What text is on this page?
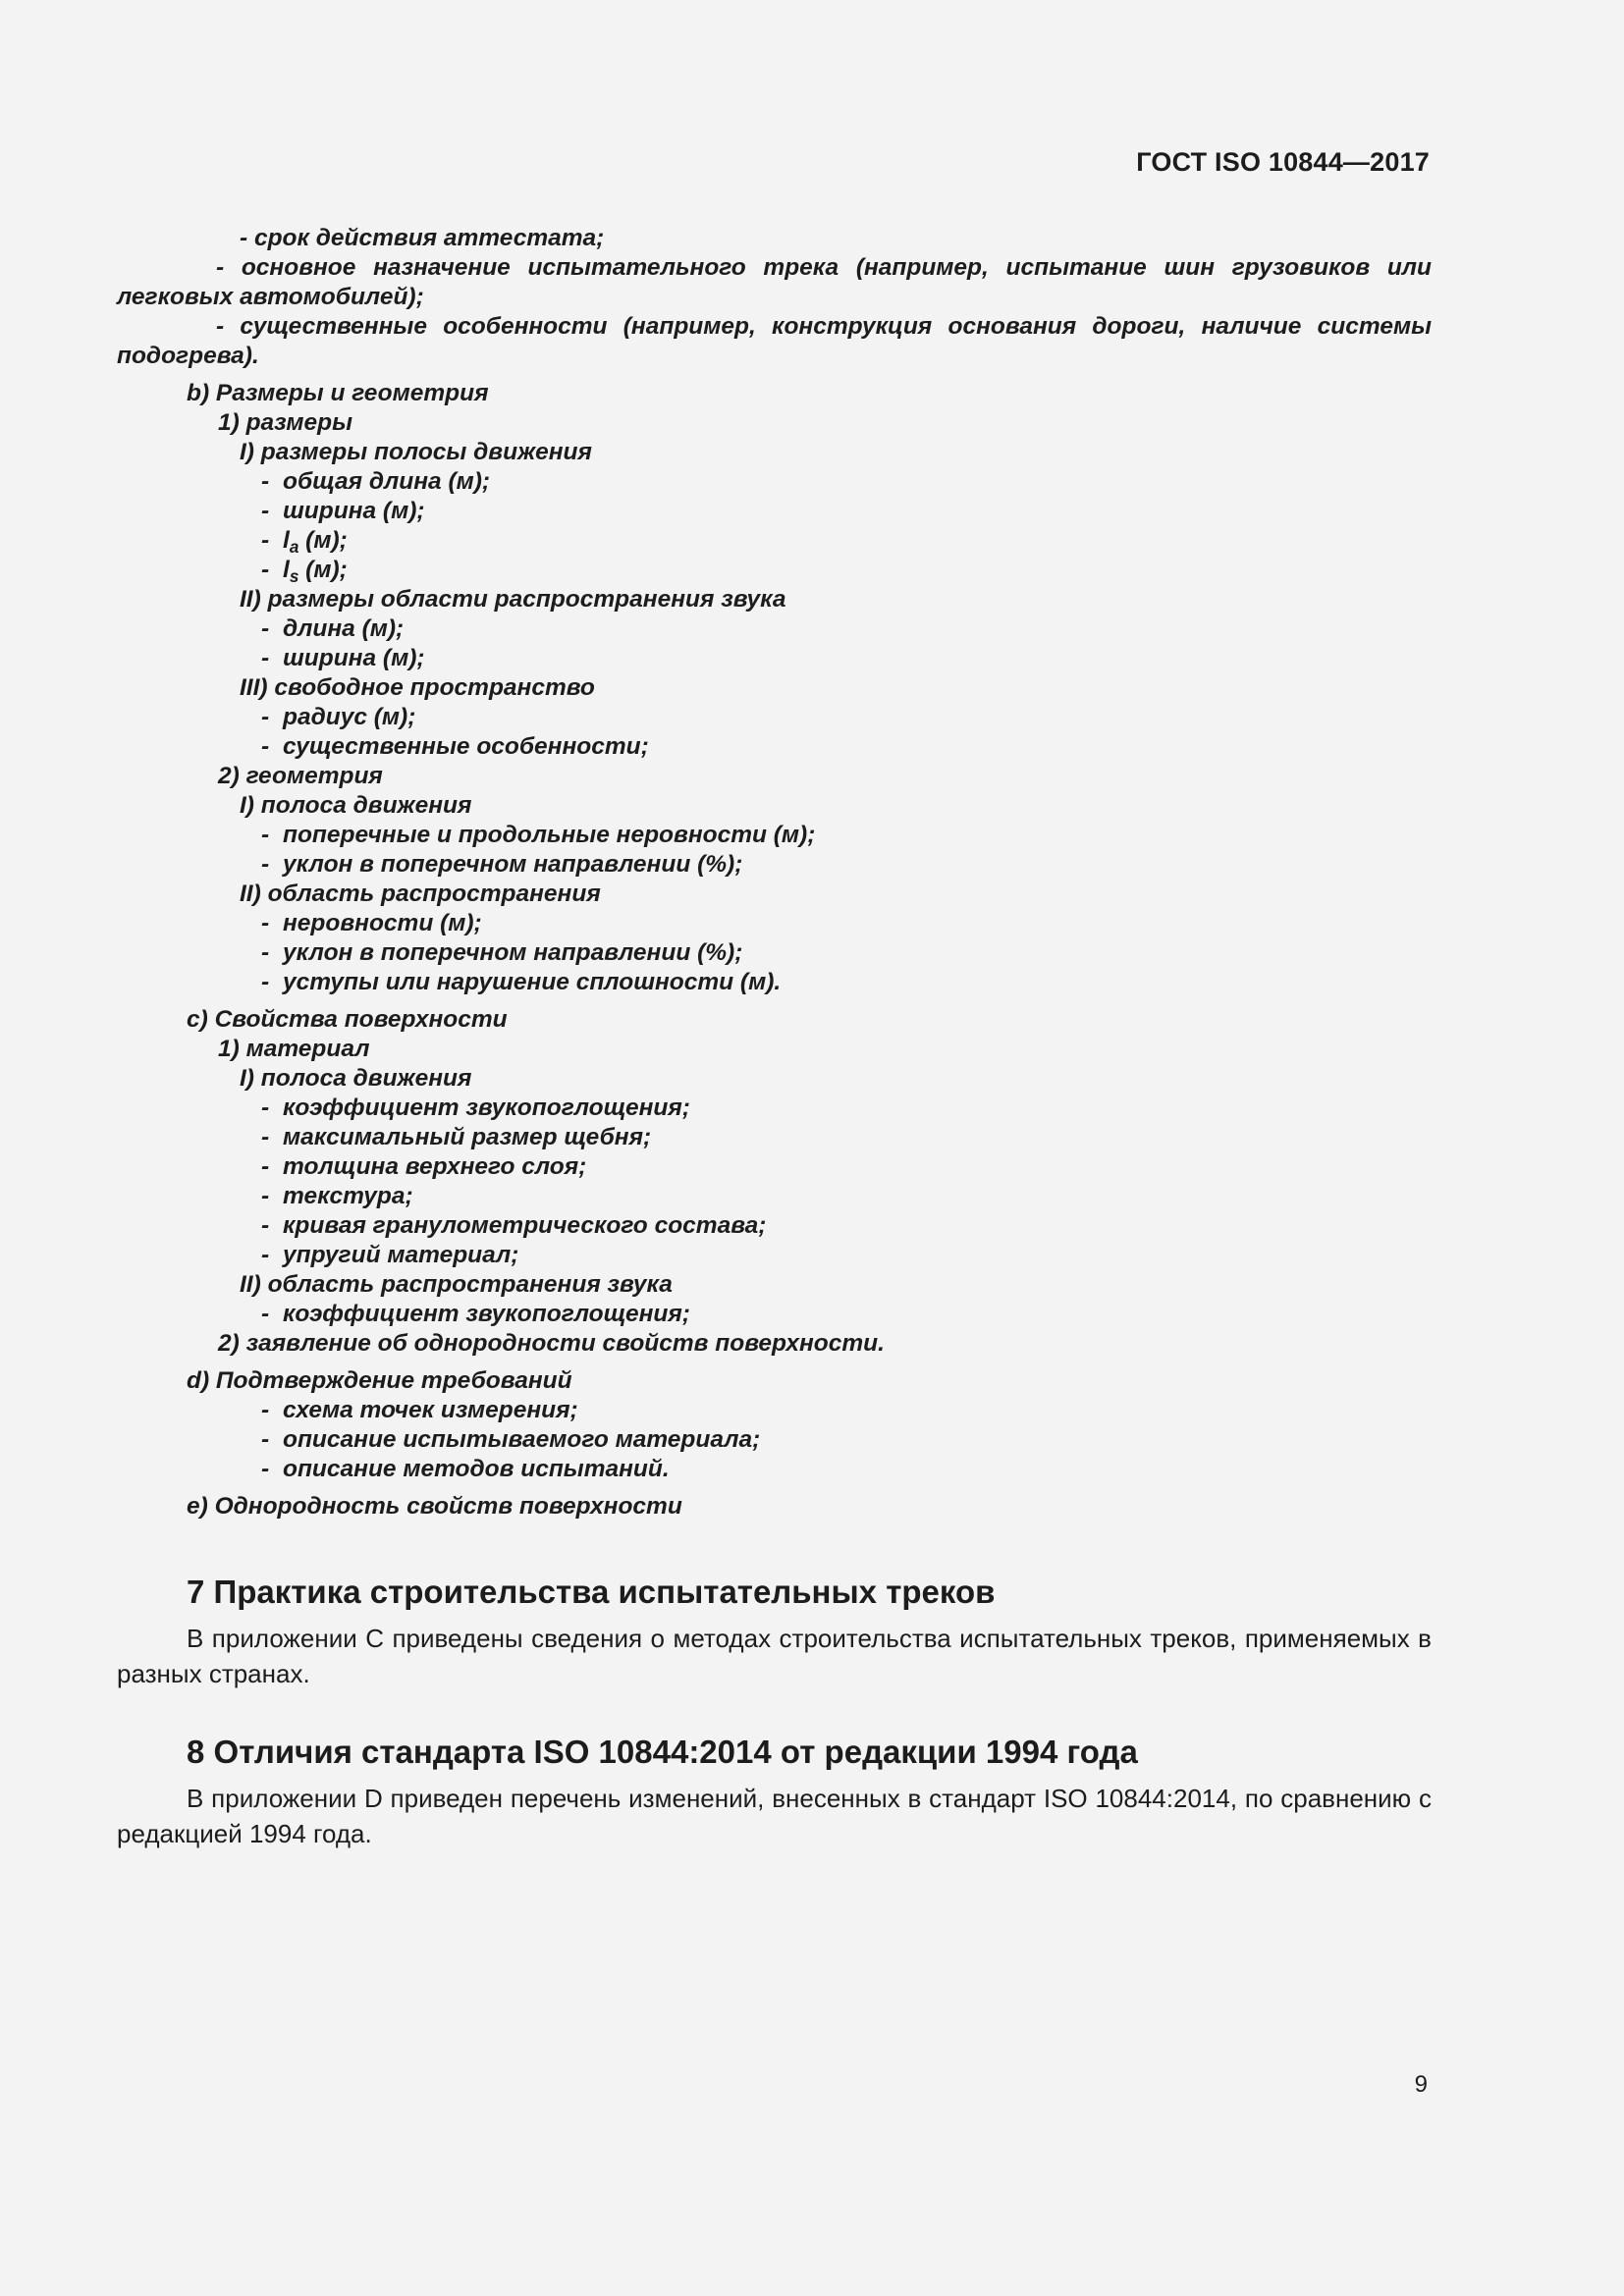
ГОСТ ISO 10844—2017
- срок действия аттестата;
- основное назначение испытательного трека (например, испытание шин грузовиков или легковых автомобилей);
- существенные особенности (например, конструкция основания дороги, наличие системы подогрева).
b) Размеры и геометрия
1) размеры
I) размеры полосы движения
- общая длина (м);
- ширина (м);
- $l_a$ (м);
- $l_s$ (м);
II) размеры области распространения звука
- длина (м);
- ширина (м);
III) свободное пространство
- радиус (м);
- существенные особенности;
2) геометрия
I) полоса движения
- поперечные и продольные неровности (м);
- уклон в поперечном направлении (%);
II) область распространения
- неровности (м);
- уклон в поперечном направлении (%);
- уступы или нарушение сплошности (м).
с) Свойства поверхности
1) материал
I) полоса движения
- коэффициент звукопоглощения;
- максимальный размер щебня;
- толщина верхнего слоя;
- текстура;
- кривая гранулометрического состава;
- упругий материал;
II) область распространения звука
- коэффициент звукопоглощения;
2) заявление об однородности свойств поверхности.
d) Подтверждение требований
- схема точек измерения;
- описание испытываемого материала;
- описание методов испытаний.
е) Однородность свойств поверхности
7 Практика строительства испытательных треков
В приложении С приведены сведения о методах строительства испытательных треков, применяемых в разных странах.
8 Отличия стандарта ISO 10844:2014 от редакции 1994 года
В приложении D приведен перечень изменений, внесенных в стандарт ISO 10844:2014, по сравнению с редакцией 1994 года.
9
